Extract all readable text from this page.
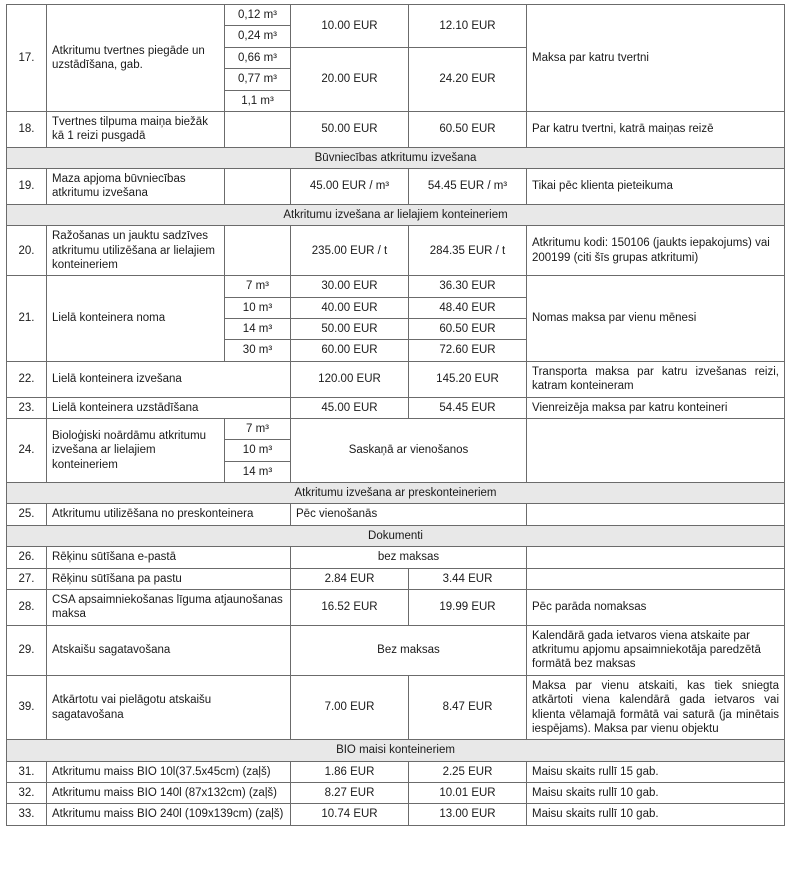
17.	Atkritumu tvertnes piegāde un uzstādīšana, gab.	0,12 m³	10.00 EUR	12.10 EUR	Maksa par katru tvertni
		0,24 m³			
		0,66 m³	20.00 EUR	24.20 EUR	
		0,77 m³			
		1,1 m³			
18.	Tvertnes tilpuma maiņa biežāk kā 1 reizi pusgadā		50.00 EUR	60.50 EUR	Par katru tvertni, katrā maiņas reizē
Būvniecības atkritumu izvešana					
19.	Maza apjoma būvniecības atkritumu izvešana		45.00 EUR / m³	54.45 EUR / m³	Tikai pēc klienta pieteikuma
Atkritumu izvešana ar lielajiem konteineriem					
20.	Ražošanas un jauktu sadzīves atkritumu utilizēšana ar lielajiem konteineriem		235.00 EUR / t	284.35 EUR / t	Atkritumu kodi: 150106 (jaukts iepakojums) vai 200199 (citi šīs grupas atkritumi)
21.	Lielā konteinera noma	7 m³	30.00 EUR	36.30 EUR	Nomas maksa par vienu mēnesi
		10 m³	40.00 EUR	48.40 EUR	
		14 m³	50.00 EUR	60.50 EUR	
		30 m³	60.00 EUR	72.60 EUR	
22.	Lielā konteinera izvešana		120.00 EUR	145.20 EUR	Transporta maksa par katru izvešanas reizi, katram konteineram
23.	Lielā konteinera uzstādīšana		45.00 EUR	54.45 EUR	Vienreizēja maksa par katru konteineri
24.	Bioloģiski noārdāmu atkritumu izvešana ar lielajiem konteineriem	7 m³	Saskaņā ar vienošanos		
		10 m³			
		14 m³			
Atkritumu izvešana ar preskonteineriem					
25.	Atkritumu utilizēšana no preskonteinera		Pēc vienošanās		
Dokumenti					
26.	Rēķinu sūtīšana e-pastā		bez maksas		
27.	Rēķinu sūtīšana pa pastu		2.84 EUR	3.44 EUR	
28.	CSA apsaimniekošanas līguma atjaunošanas maksa		16.52 EUR	19.99 EUR	Pēc parāda nomaksas
29.	Atskaišu sagatavošana		Bez maksas		Kalendārā gada ietvaros viena atskaite par atkritumu apjomu apsaimniekotāja paredzētā formātā bez maksas
39.	Atkārtotu vai pielāgotu atskaišu sagatavošana		7.00 EUR	8.47 EUR	Maksa par vienu atskaiti, kas tiek sniegta atkārtoti viena kalendārā gada ietvaros vai klienta vēlamajā formātā vai saturā (ja minētais iespējams). Maksa par vienu objektu
BIO maisi konteineriem					
31.	Atkritumu maiss BIO 10l(37.5x45cm) (zaļš)		1.86 EUR	2.25 EUR	Maisu skaits rullī 15 gab.
32.	Atkritumu maiss BIO 140l (87x132cm) (zaļš)		8.27 EUR	10.01 EUR	Maisu skaits rullī 10 gab.
33.	Atkritumu maiss BIO 240l (109x139cm) (zaļš)		10.74 EUR	13.00 EUR	Maisu skaits rullī 10 gab.
